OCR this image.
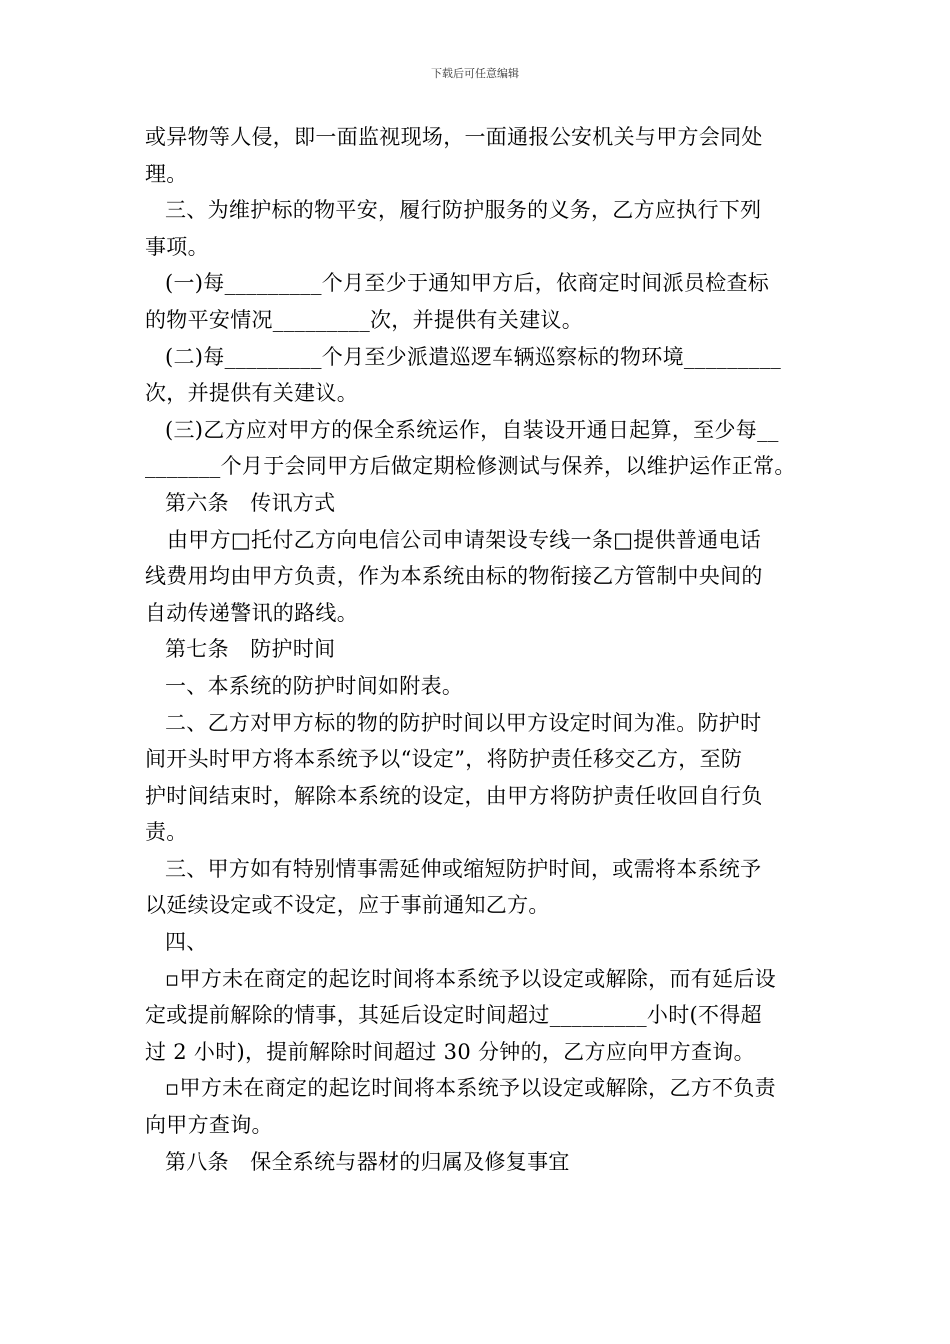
下载后可任意编辑

或异物等人侵，即一面监视现场，一面通报公安机关与甲方会同处

理。

三、为维护标的物平安，履行防护服务的义务，乙方应执行下列

事项。

(一)每_________个月至少于通知甲方后，依商定时间派员检查标

的物平安情况_________次，并提供有关建议。

(二)每_________个月至少派遣巡逻车辆巡察标的物环境_________

次，并提供有关建议。

(三)乙方应对甲方的保全系统运作，自装设开通日起算，至少每__

_______个月于会同甲方后做定期检修测试与保养，以维护运作正常。

第六条　传讯方式

由甲方□托付乙方向电信公司申请架设专线一条□提供普通电话

线费用均由甲方负责，作为本系统由标的物衔接乙方管制中央间的

自动传递警讯的路线。

第七条　防护时间

一、本系统的防护时间如附表。

二、乙方对甲方标的物的防护时间以甲方设定时间为准。防护时

间开头时甲方将本系统予以“设定”，将防护责任移交乙方，至防

护时间结束时，解除本系统的设定，由甲方将防护责任收回自行负

责。

三、甲方如有特别情事需延伸或缩短防护时间，或需将本系统予

以延续设定或不设定，应于事前通知乙方。

四、

▫甲方未在商定的起讫时间将本系统予以设定或解除，而有延后设

定或提前解除的情事，其延后设定时间超过_________小时(不得超

过 2 小时)，提前解除时间超过 30 分钟的，乙方应向甲方查询。

▫甲方未在商定的起讫时间将本系统予以设定或解除，乙方不负责

向甲方查询。

第八条　保全系统与器材的归属及修复事宜
